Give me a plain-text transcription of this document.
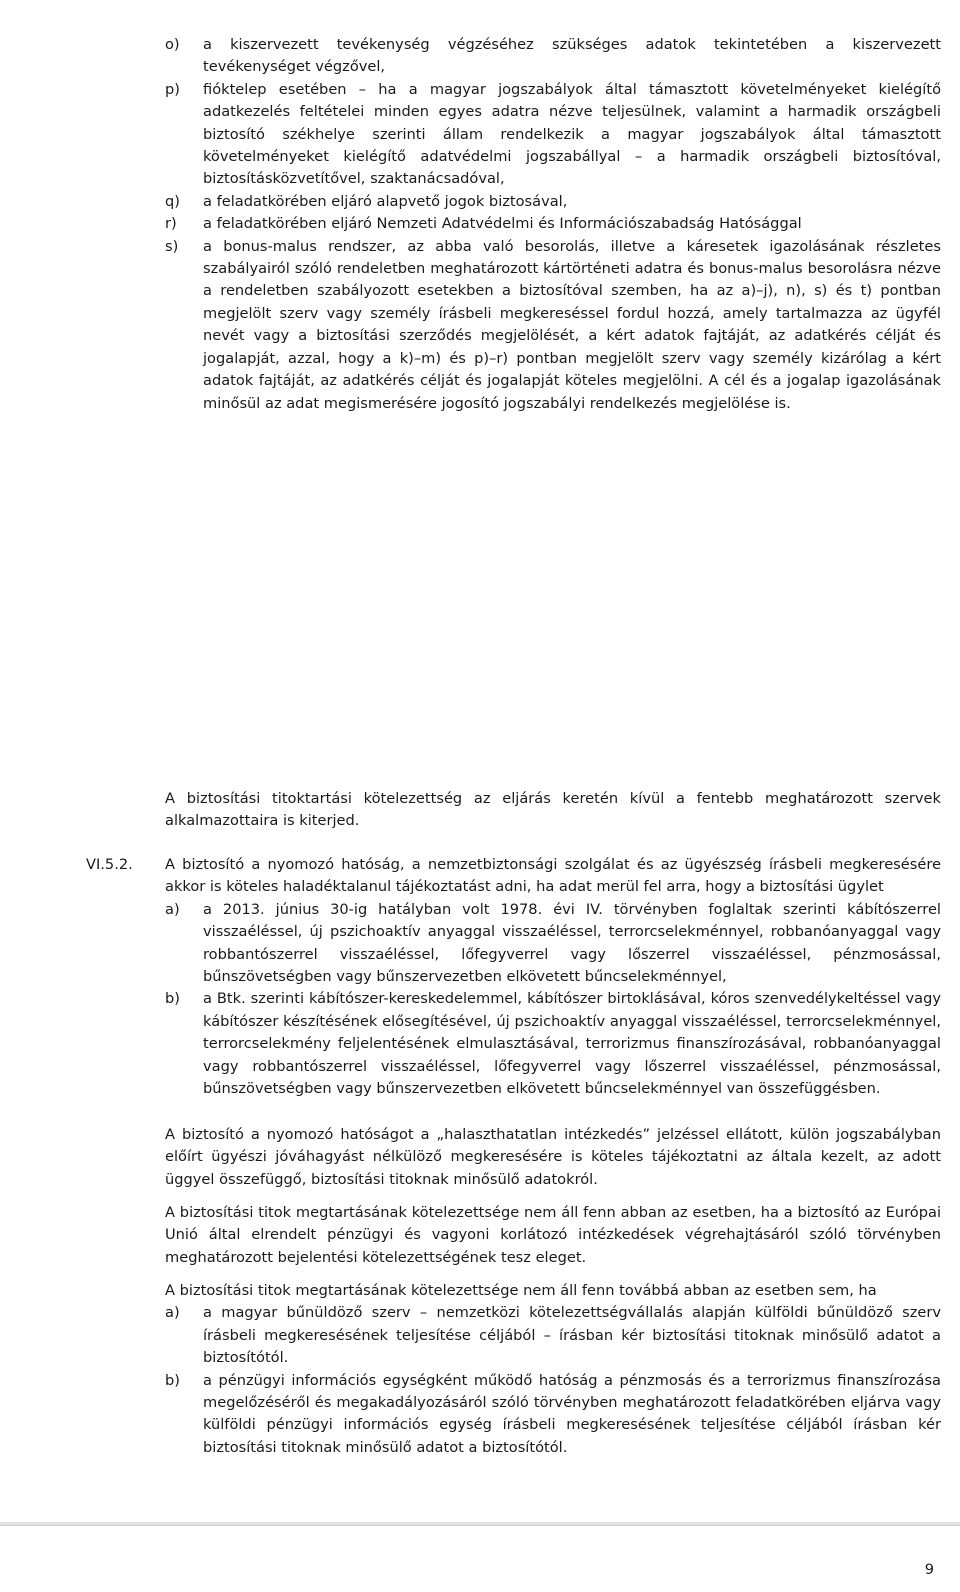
o)	a kiszervezett tevékenység végzéséhez szükséges adatok tekintetében a kiszervezett tevékenységet végzővel,
p)	fióktelep esetében – ha a magyar jogszabályok által támasztott követelményeket kielégítő adatkezelés feltételei minden egyes adatra nézve teljesülnek, valamint a harmadik országbeli biztosító székhelye szerinti állam rendelkezik a magyar jogszabályok által támasztott követelményeket kielégítő adatvédelmi jogszabállyal – a harmadik országbeli biztosítóval, biztosításközvetítővel, szaktanácsadóval,
q)	a feladatkörében eljáró alapvető jogok biztosával,
r)	a feladatkörében eljáró Nemzeti Adatvédelmi és Információszabadság Hatósággal
s)	a bonus-malus rendszer, az abba való besorolás, illetve a káresetek igazolásának részletes szabályairól szóló rendeletben meghatározott kártörténeti adatra és bonus-malus besorolásra nézve a rendeletben szabályozott esetekben a biztosítóval szemben, ha az a)–j), n), s) és t) pontban megjelölt szerv vagy személy írásbeli megkereséssel fordul hozzá, amely tartalmazza az ügyfél nevét vagy a biztosítási szerződés megjelölését, a kért adatok fajtáját, az adatkérés célját és jogalapját, azzal, hogy a k)–m) és p)–r) pontban megjelölt szerv vagy személy kizárólag a kért adatok fajtáját, az adatkérés célját és jogalapját köteles megjelölni. A cél és a jogalap igazolásának minősül az adat megismerésére jogosító jogszabályi rendelkezés megjelölése is.

A biztosítási titoktartási kötelezettség az eljárás keretén kívül a fentebb meghatározott szervek alkalmazottaira is kiterjed.

VI.5.2. A biztosító a nyomozó hatóság, a nemzetbiztonsági szolgálat és az ügyészség írásbeli megkeresésére akkor is köteles haladéktalanul tájékoztatást adni, ha adat merül fel arra, hogy a biztosítási ügylet

a)	a 2013. június 30-ig hatályban volt 1978. évi IV. törvényben foglaltak szerinti kábítószerrel visszaéléssel, új pszichoaktív anyaggal visszaéléssel, terrorcselekménnyel, robbanóanyaggal vagy robbantószerrel visszaéléssel, lőfegyverrel vagy lőszerrel visszaéléssel, pénzmosással, bűnszövetségben vagy bűnszervezetben elkövetett bűncselekménnyel,
b)	a Btk. szerinti kábítószer-kereskedelemmel, kábítószer birtoklásával, kóros szenvedélykeltéssel vagy kábítószer készítésének elősegítésével, új pszichoaktív anyaggal visszaéléssel, terrorcselekménnyel, terrorcselekmény feljelentésének elmulasztásával, terrorizmus finanszírozásával, robbanóanyaggal vagy robbantószerrel visszaéléssel, lőfegyverrel vagy lőszerrel visszaéléssel, pénzmosással, bűnszövetségben vagy bűnszervezetben elkövetett bűncselekménnyel van összefüggésben.

A biztosító a nyomozó hatóságot a „halaszthatatlan intézkedés” jelzéssel ellátott, külön jogszabályban előírt ügyészi jóváhagyást nélkülöző megkeresésére is köteles tájékoztatni az általa kezelt, az adott üggyel összefüggő, biztosítási titoknak minősülő adatokról.

A biztosítási titok megtartásának kötelezettsége nem áll fenn abban az esetben, ha a biztosító az Európai Unió által elrendelt pénzügyi és vagyoni korlátozó intézkedések végrehajtásáról szóló törvényben meghatározott bejelentési kötelezettségének tesz eleget.

A biztosítási titok megtartásának kötelezettsége nem áll fenn továbbá abban az esetben sem, ha

a)	a magyar bűnüldöző szerv – nemzetközi kötelezettségvállalás alapján külföldi bűnüldöző szerv írásbeli megkeresésének teljesítése céljából – írásban kér biztosítási titoknak minősülő adatot a biztosítótól.
b)	a pénzügyi információs egységként működő hatóság a pénzmosás és a terrorizmus finanszírozása megelőzéséről és megakadályozásáról szóló törvényben meghatározott feladatkörében eljárva vagy külföldi pénzügyi információs egység írásbeli megkeresésének teljesítése céljából írásban kér biztosítási titoknak minősülő adatot a biztosítótól.
9
